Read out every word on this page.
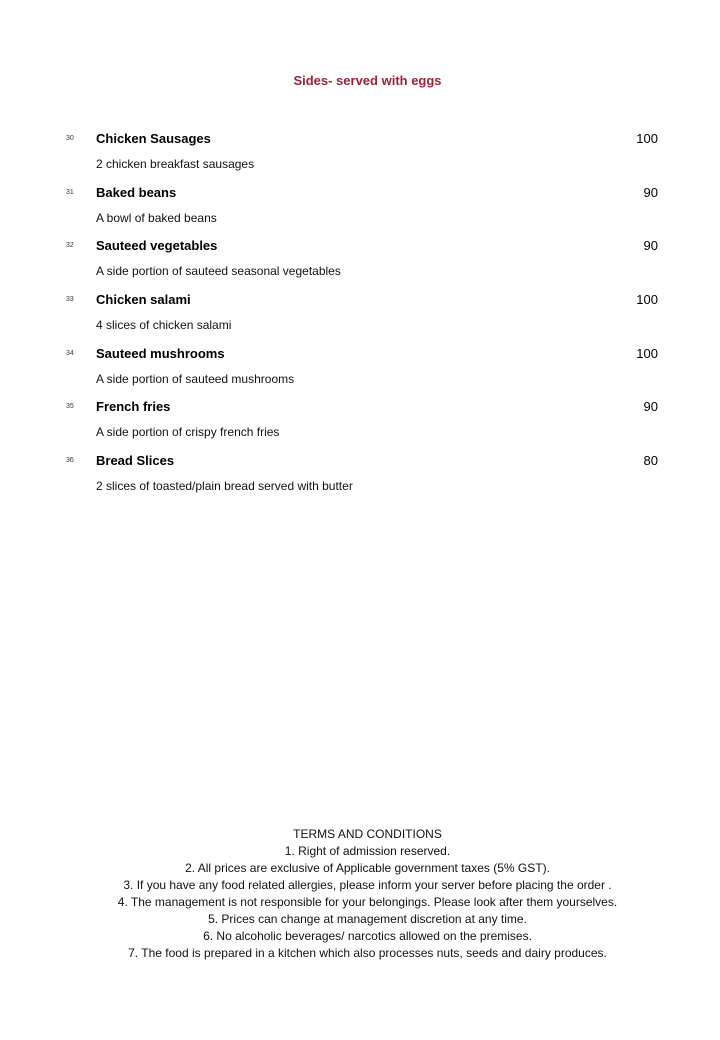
Sides- served with eggs
30 Chicken Sausages	100
2 chicken breakfast sausages
31 Baked beans	90
A bowl of baked beans
32 Sauteed vegetables	90
A side portion of sauteed seasonal vegetables
33 Chicken salami	100
4 slices of chicken salami
34 Sauteed mushrooms	100
A side portion of sauteed mushrooms
35 French fries	90
A side portion of crispy french fries
36 Bread Slices	80
2 slices of toasted/plain bread served with butter
TERMS AND CONDITIONS
1. Right of admission reserved.
2. All prices are exclusive of Applicable government taxes (5% GST).
3. If you have any food related allergies, please inform your server before placing the order .
4. The management is not responsible for your belongings. Please look after them yourselves.
5. Prices can change at management discretion at any time.
6. No alcoholic beverages/ narcotics allowed on the premises.
7. The food is prepared in a kitchen which also processes nuts, seeds and dairy produces.
